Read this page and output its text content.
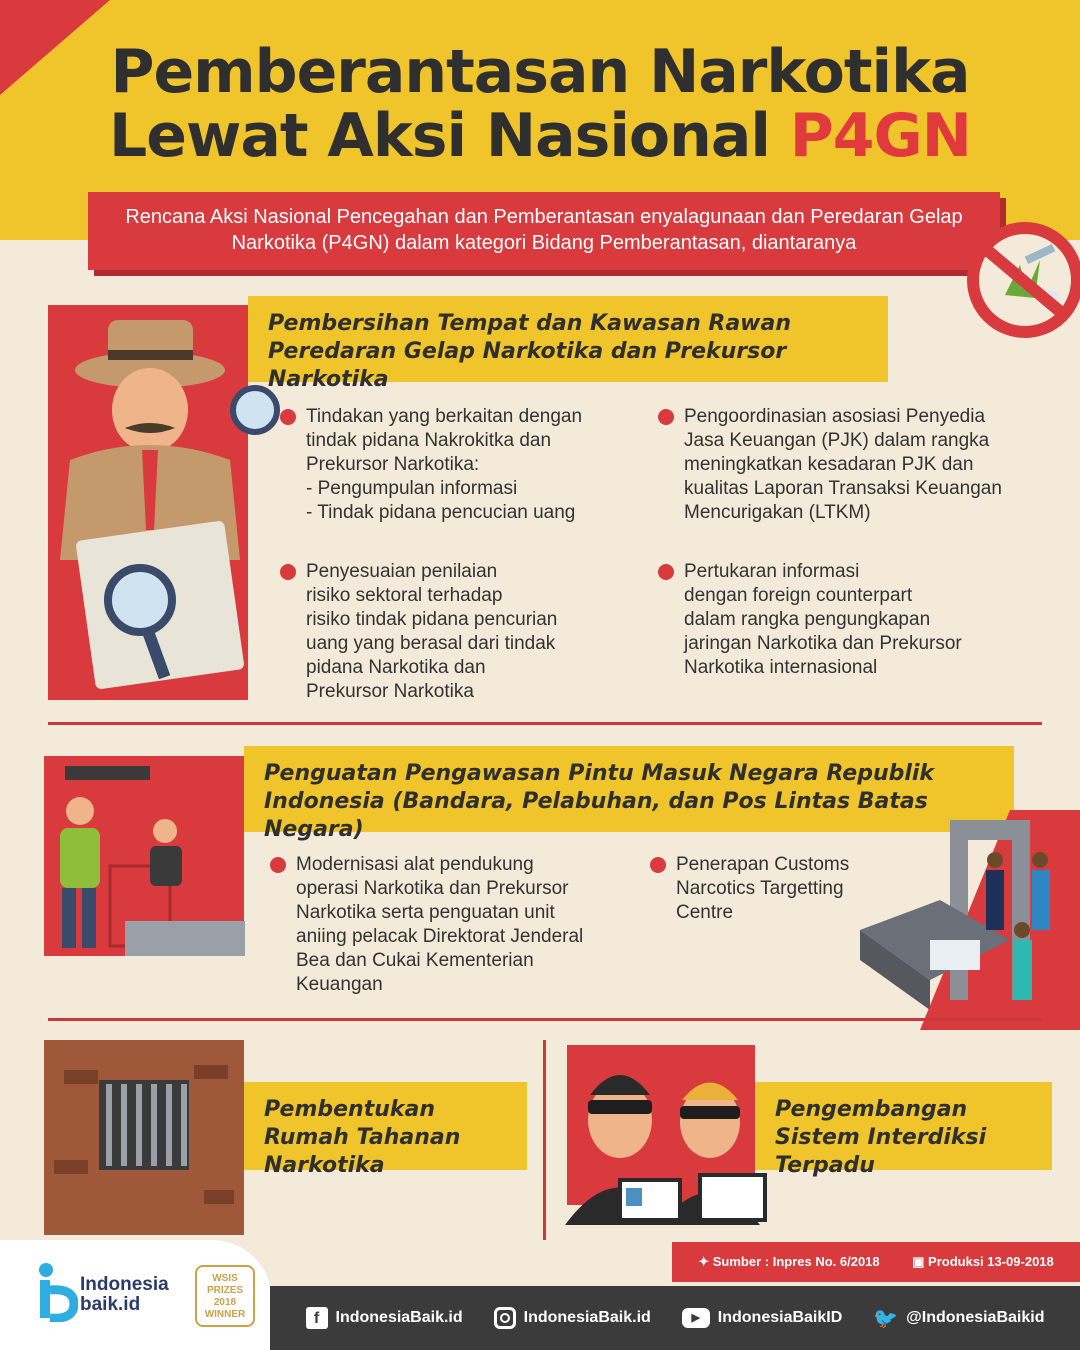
Pemberantasan Narkotika
Lewat Aksi Nasional P4GN
Rencana Aksi Nasional Pencegahan dan Pemberantasan enyalagunaan dan Peredaran Gelap Narkotika (P4GN) dalam kategori Bidang Pemberantasan, diantaranya
Pembersihan Tempat dan Kawasan Rawan Peredaran Gelap Narkotika dan Prekursor Narkotika
Tindakan yang berkaitan dengan
tindak pidana Nakrokitka dan
Prekursor Narkotika:
- Pengumpulan informasi
- Tindak pidana pencucian uang
Pengoordinasian asosiasi Penyedia
Jasa Keuangan (PJK) dalam rangka
meningkatkan kesadaran PJK dan
kualitas Laporan Transaksi Keuangan
Mencurigakan (LTKM)
Penyesuaian penilaian
risiko sektoral terhadap
risiko tindak pidana pencurian
uang yang berasal dari tindak
pidana Narkotika dan
Prekursor Narkotika
Pertukaran informasi
dengan foreign counterpart
dalam rangka pengungkapan
jaringan Narkotika dan Prekursor
Narkotika internasional
Penguatan Pengawasan Pintu Masuk Negara Republik Indonesia (Bandara, Pelabuhan, dan Pos Lintas Batas Negara)
Modernisasi alat pendukung
operasi Narkotika dan Prekursor
Narkotika serta penguatan unit
aniing pelacak Direktorat Jenderal
Bea dan Cukai Kementerian
Keuangan
Penerapan Customs
Narcotics Targetting
Centre
Pembentukan Rumah Tahanan Narkotika
Pengembangan Sistem Interdiksi Terpadu
✦ Sumber : Inpres No. 6/2018 ▣ Produksi 13-09-2018
Indonesia
baik.id
WSIS PRIZES 2018 WINNER	f	IndonesiaBaik.id	IndonesiaBaik.id	▶	IndonesiaBaikID 🐦 @IndonesiaBaikid
